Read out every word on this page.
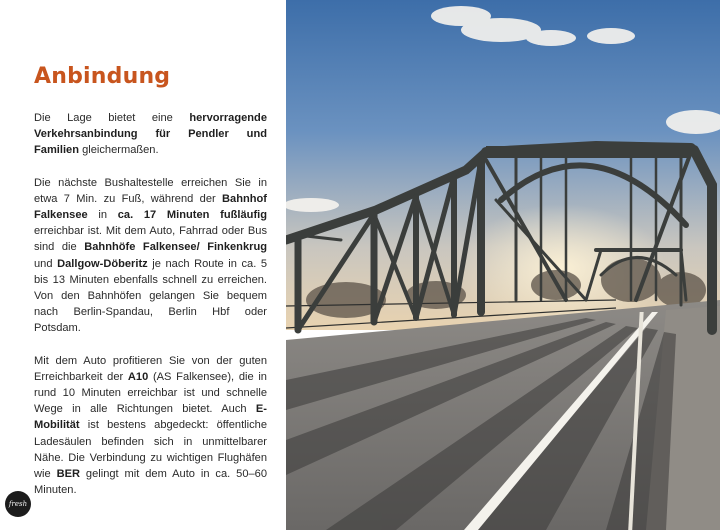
Anbindung

Die Lage bietet eine hervorragende Verkehrsanbindung für Pendler und Familien gleichermaßen.

Die nächste Bushaltestelle erreichen Sie in etwa 7 Min. zu Fuß, während der Bahnhof Falkensee in ca. 17 Minuten fußläufig erreichbar ist. Mit dem Auto, Fahrrad oder Bus sind die Bahnhöfe Falkensee/ Finkenkrug und Dallgow-Döberitz je nach Route in ca. 5 bis 13 Minuten ebenfalls schnell zu erreichen. Von den Bahnhöfen gelangen Sie bequem nach Berlin-Spandau, Berlin Hbf oder Potsdam.

Mit dem Auto profitieren Sie von der guten Erreichbarkeit der A10 (AS Falkensee), die in rund 10 Minuten erreichbar ist und schnelle Wege in alle Richtungen bietet. Auch E-Mobilität ist bestens abgedeckt: öffentliche Ladesäulen befinden sich in unmittelbarer Nähe. Die Verbindung zu wichtigen Flughäfen wie BER gelingt mit dem Auto in ca. 50–60 Minuten.

fresh
